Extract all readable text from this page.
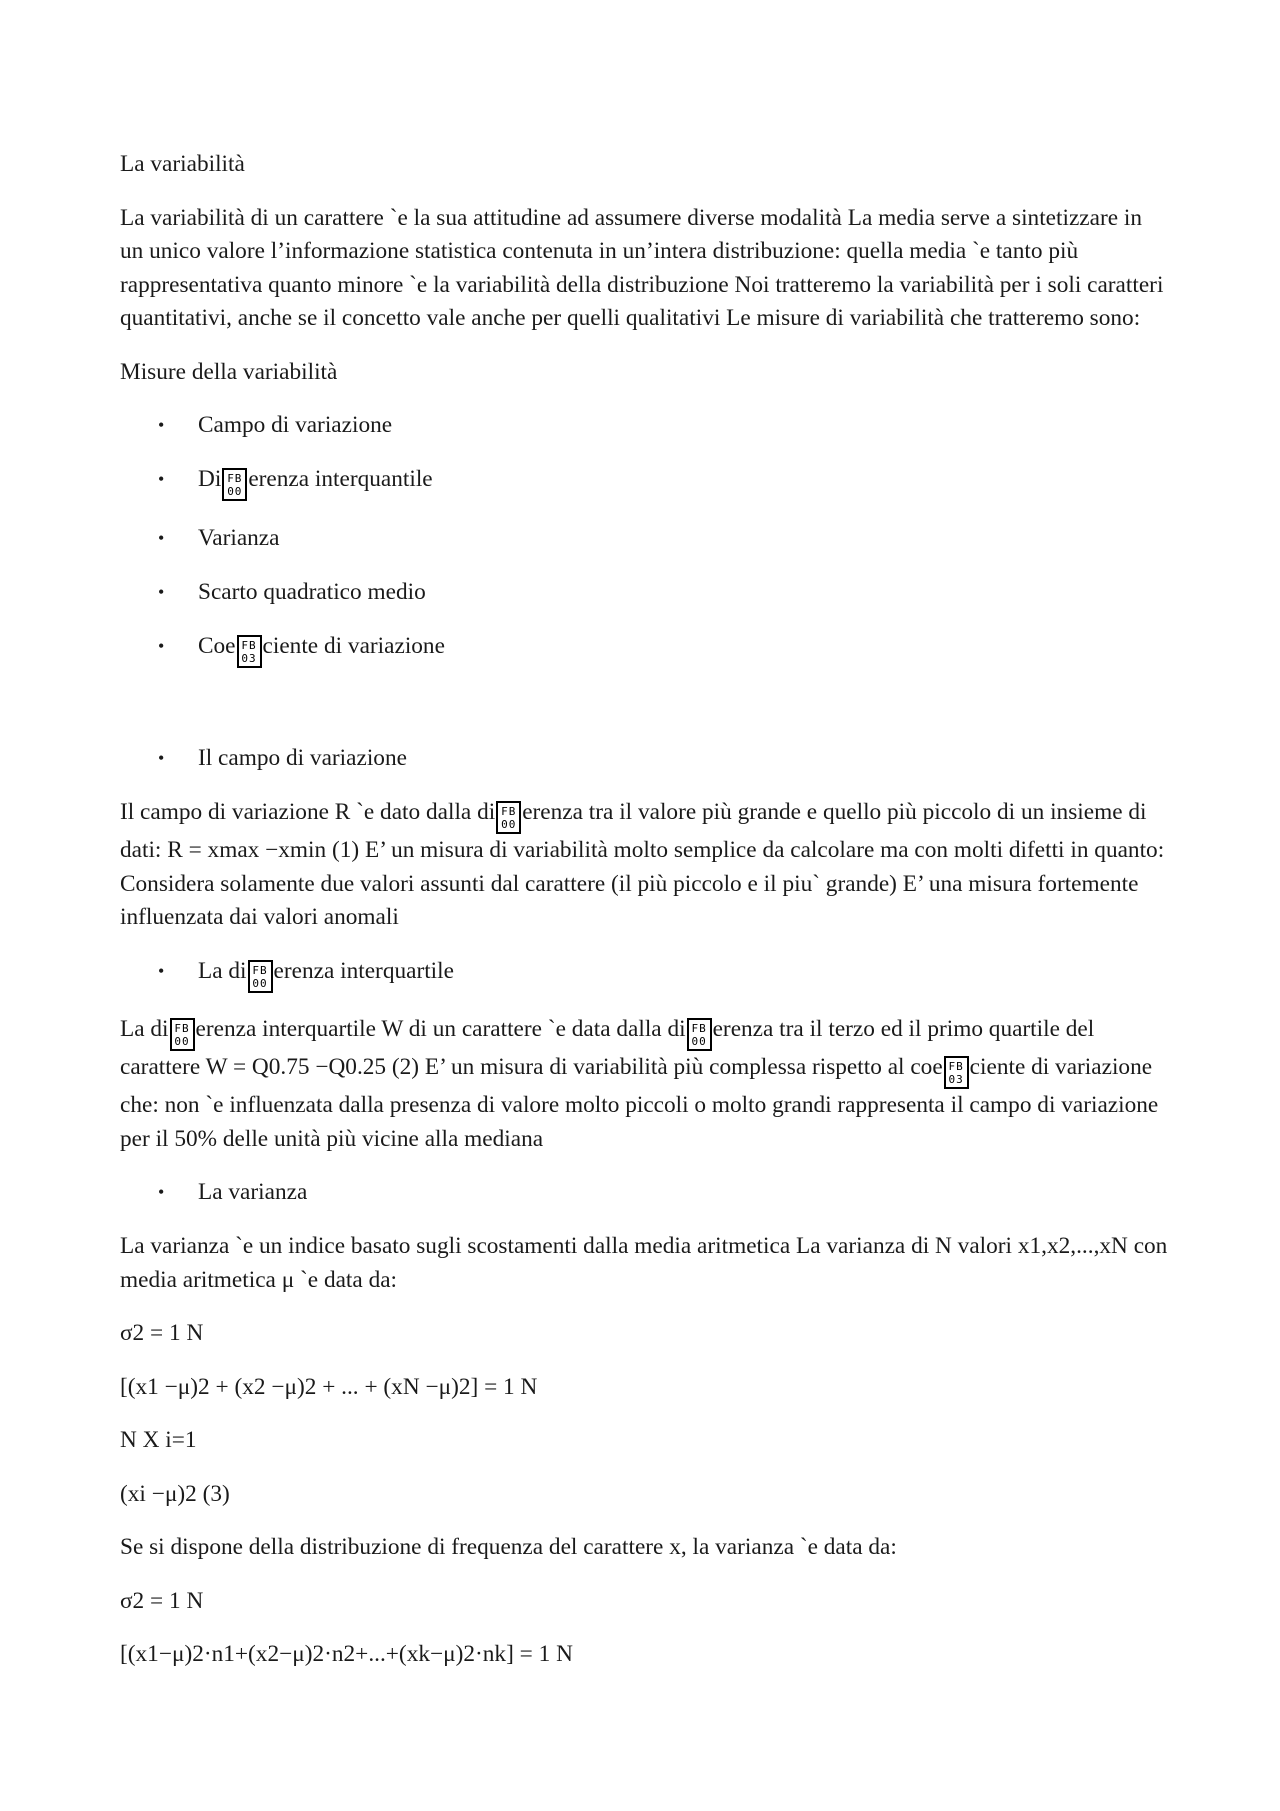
La variabilità

La variabilità di un carattere `e la sua attitudine ad assumere diverse modalità La media serve a sintetizzare in un unico valore l’informazione statistica contenuta in un’intera distribuzione: quella media `e tanto più rappresentativa quanto minore `e la variabilità della distribuzione Noi tratteremo la variabilità per i soli caratteri quantitativi, anche se il concetto vale anche per quelli qualitativi Le misure di variabilità che tratteremo sono:

Misure della variabilità

• Campo di variazione
• Di FB
00 erenza interquantile
• Varianza
• Scarto quadratico medio
• Coe FB
03 ciente di variazione
• Il campo di variazione

Il campo di variazione R `e dato dalla di FB
00 erenza tra il valore più grande e quello più piccolo di un insieme di dati: R = xmax −xmin (1) E’ un misura di variabilità molto semplice da calcolare ma con molti difetti in quanto: Considera solamente due valori assunti dal carattere (il più piccolo e il piu` grande) E’ una misura fortemente influenzata dai valori anomali

• La di FB
00 erenza interquartile

La di FB
00 erenza interquartile W di un carattere `e data dalla di FB
00 erenza tra il terzo ed il primo quartile del carattere W = Q0.75 −Q0.25 (2) E’ un misura di variabilità più complessa rispetto al coe FB
03 ciente di variazione che: non `e influenzata dalla presenza di valore molto piccoli o molto grandi rappresenta il campo di variazione per il 50% delle unità più vicine alla mediana

• La varianza

La varianza `e un indice basato sugli scostamenti dalla media aritmetica La varianza di N valori x1,x2,...,xN con media aritmetica μ `e data da:

σ2 = 1 N

[(x1 −μ)2 + (x2 −μ)2 + ... + (xN −μ)2] = 1 N

N X i=1

(xi −μ)2 (3)

Se si dispone della distribuzione di frequenza del carattere x, la varianza `e data da:

σ2 = 1 N

[(x1−μ)2·n1+(x2−μ)2·n2+...+(xk−μ)2·nk] = 1 N
